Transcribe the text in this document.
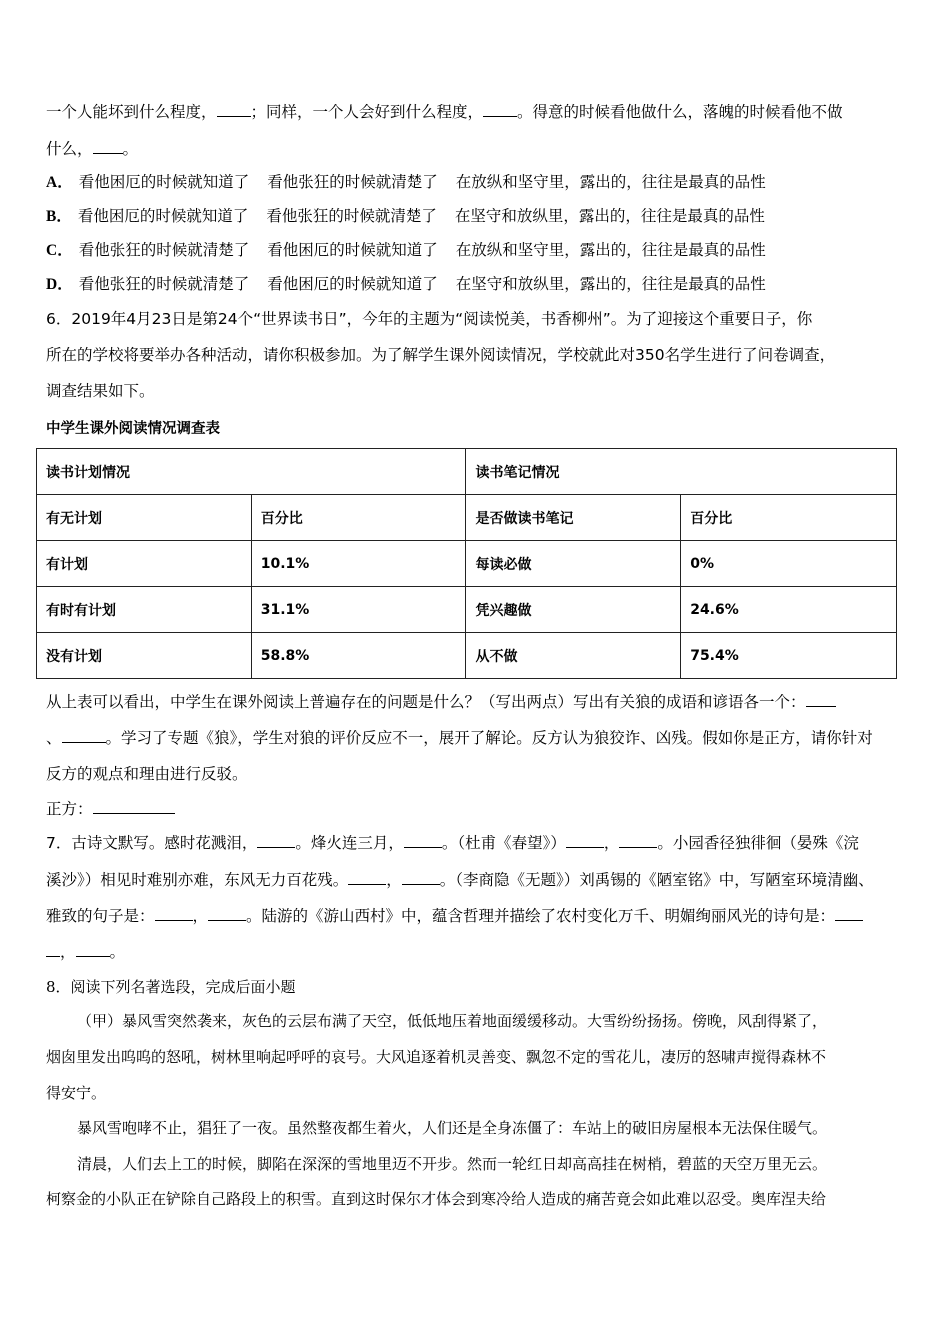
一个人能坏到什么程度， ；同样，一个人会好到什么程度， 。得意的时候看他做什么，落魄的时候看他不做
什么， 。
A． 看他困厄的时候就知道了 看他张狂的时候就清楚了 在放纵和坚守里，露出的，往往是最真的品性
B． 看他困厄的时候就知道了 看他张狂的时候就清楚了 在坚守和放纵里，露出的，往往是最真的品性
C． 看他张狂的时候就清楚了 看他困厄的时候就知道了 在放纵和坚守里，露出的，往往是最真的品性
D． 看他张狂的时候就清楚了 看他困厄的时候就知道了 在坚守和放纵里，露出的，往往是最真的品性
6．2019年4月23日是第24个“世界读书日”，今年的主题为“阅读悦美，书香柳州”。为了迎接这个重要日子，你
所在的学校将要举办各种活动，请你积极参加。为了解学生课外阅读情况，学校就此对350名学生进行了问卷调查，
调查结果如下。
中学生课外阅读情况调查表
读书计划情况		读书笔记情况	
有无计划	百分比	是否做读书笔记	百分比
有计划	10.1%	每读必做	0%
有时有计划	31.1%	凭兴趣做	24.6%
没有计划	58.8%	从不做	75.4%
从上表可以看出，中学生在课外阅读上普遍存在的问题是什么？（写出两点）写出有关狼的成语和谚语各一个：
、	。学习了专题《狼》，学生对狼的评价反应不一，展开了解论。反方认为狼狡诈、凶残。假如你是正方，请你针对
反方的观点和理由进行反驳。
正方：
7．古诗文默写。感时花溅泪， 。烽火连三月， 。（杜甫《春望》） ， 。小园香径独徘徊（晏殊《浣
溪沙》）相见时难别亦难，东风无力百花残。 ， 。（李商隐《无题》）刘禹锡的《陋室铭》中，写陋室环境清幽、
雅致的句子是： ， 。陆游的《游山西村》中，蕴含哲理并描绘了农村变化万千、明媚绚丽风光的诗句是：
， 。
8．阅读下列名著选段，完成后面小题
（甲）暴风雪突然袭来，灰色的云层布满了天空，低低地压着地面缓缓移动。大雪纷纷扬扬。傍晚，风刮得紧了，
烟囱里发出呜呜的怒吼，树林里响起呼呼的哀号。大风追逐着机灵善变、飘忽不定的雪花儿，凄厉的怒啸声搅得森林不
得安宁。
暴风雪咆哮不止，猖狂了一夜。虽然整夜都生着火，人们还是全身冻僵了：车站上的破旧房屋根本无法保住暖气。
清晨，人们去上工的时候，脚陷在深深的雪地里迈不开步。然而一轮红日却高高挂在树梢，碧蓝的天空万里无云。
柯察金的小队正在铲除自己路段上的积雪。直到这时保尔才体会到寒冷给人造成的痛苦竟会如此难以忍受。奥库涅夫给
